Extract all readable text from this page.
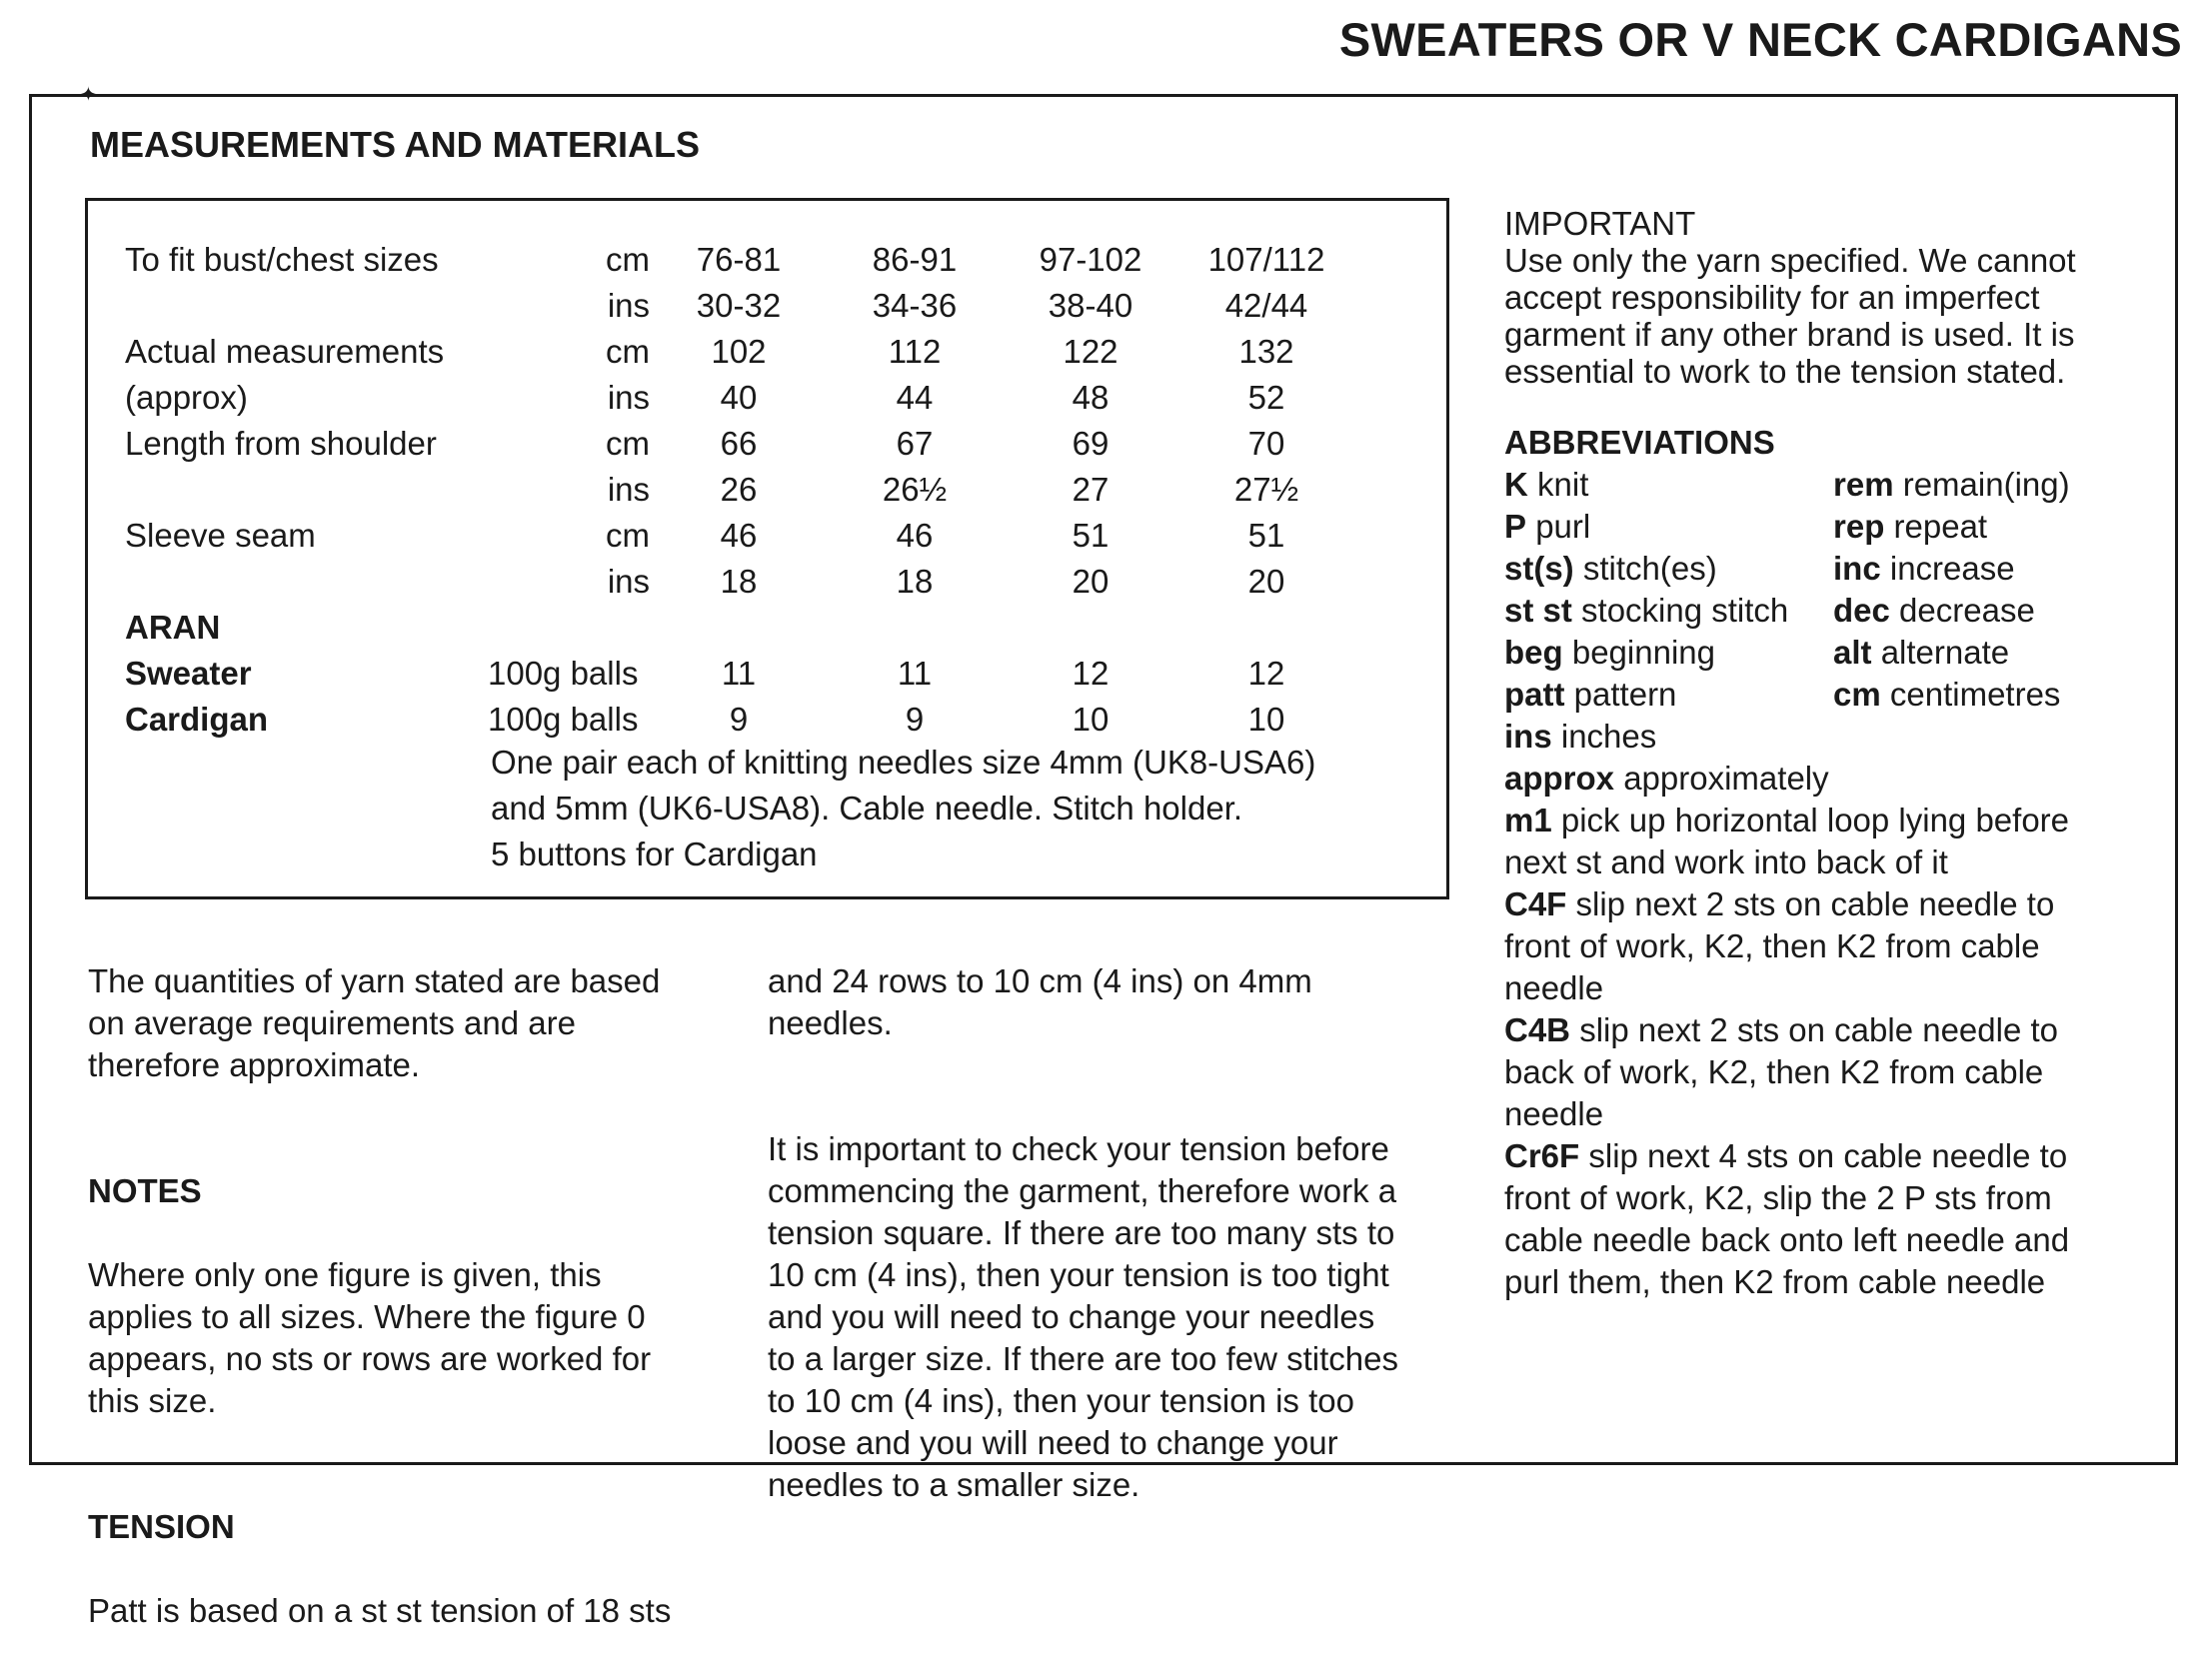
SWEATERS OR V NECK CARDIGANS
✦
MEASUREMENTS AND MATERIALS
To fit bust/chest sizes	cm	76-81	86-91	97-102	107/112
	ins	30-32	34-36	38-40	42/44
Actual measurements	cm	102	112	122	132
(approx)	ins	40	44	48	52
Length from shoulder	cm	66	67	69	70
	ins	26	26½	27	27½
Sleeve seam	cm	46	46	51	51
	ins	18	18	20	20
ARAN
Sweater	100g balls	11	11	12	12
Cardigan	100g balls	9	9	10	10
One pair each of knitting needles size 4mm (UK8-USA6)
and 5mm (UK6-USA8). Cable needle. Stitch holder.
5 buttons for Cardigan

The quantities of yarn stated are based
on average requirements and are
therefore approximate.

NOTES

Where only one figure is given, this
applies to all sizes. Where the figure 0
appears, no sts or rows are worked for
this size.

TENSION

Patt is based on a st st tension of 18 sts

and 24 rows to 10 cm (4 ins) on 4mm
needles.

It is important to check your tension before
commencing the garment, therefore work a
tension square. If there are too many sts to
10 cm (4 ins), then your tension is too tight
and you will need to change your needles
to a larger size. If there are too few stitches
to 10 cm (4 ins), then your tension is too
loose and you will need to change your
needles to a smaller size.

IMPORTANT
Use only the yarn specified. We cannot
accept responsibility for an imperfect
garment if any other brand is used. It is
essential to work to the tension stated.
ABBREVIATIONS
K knit	rem remain(ing)
P purl	rep repeat
st(s) stitch(es)	inc increase
st st stocking stitch	dec decrease
beg beginning	alt alternate
patt pattern	cm centimetres
ins inches
approx approximately
m1 pick up horizontal loop lying before
next st and work into back of it
C4F slip next 2 sts on cable needle to
front of work, K2, then K2 from cable
needle
C4B slip next 2 sts on cable needle to
back of work, K2, then K2 from cable
needle
Cr6F slip next 4 sts on cable needle to
front of work, K2, slip the 2 P sts from
cable needle back onto left needle and
purl them, then K2 from cable needle
